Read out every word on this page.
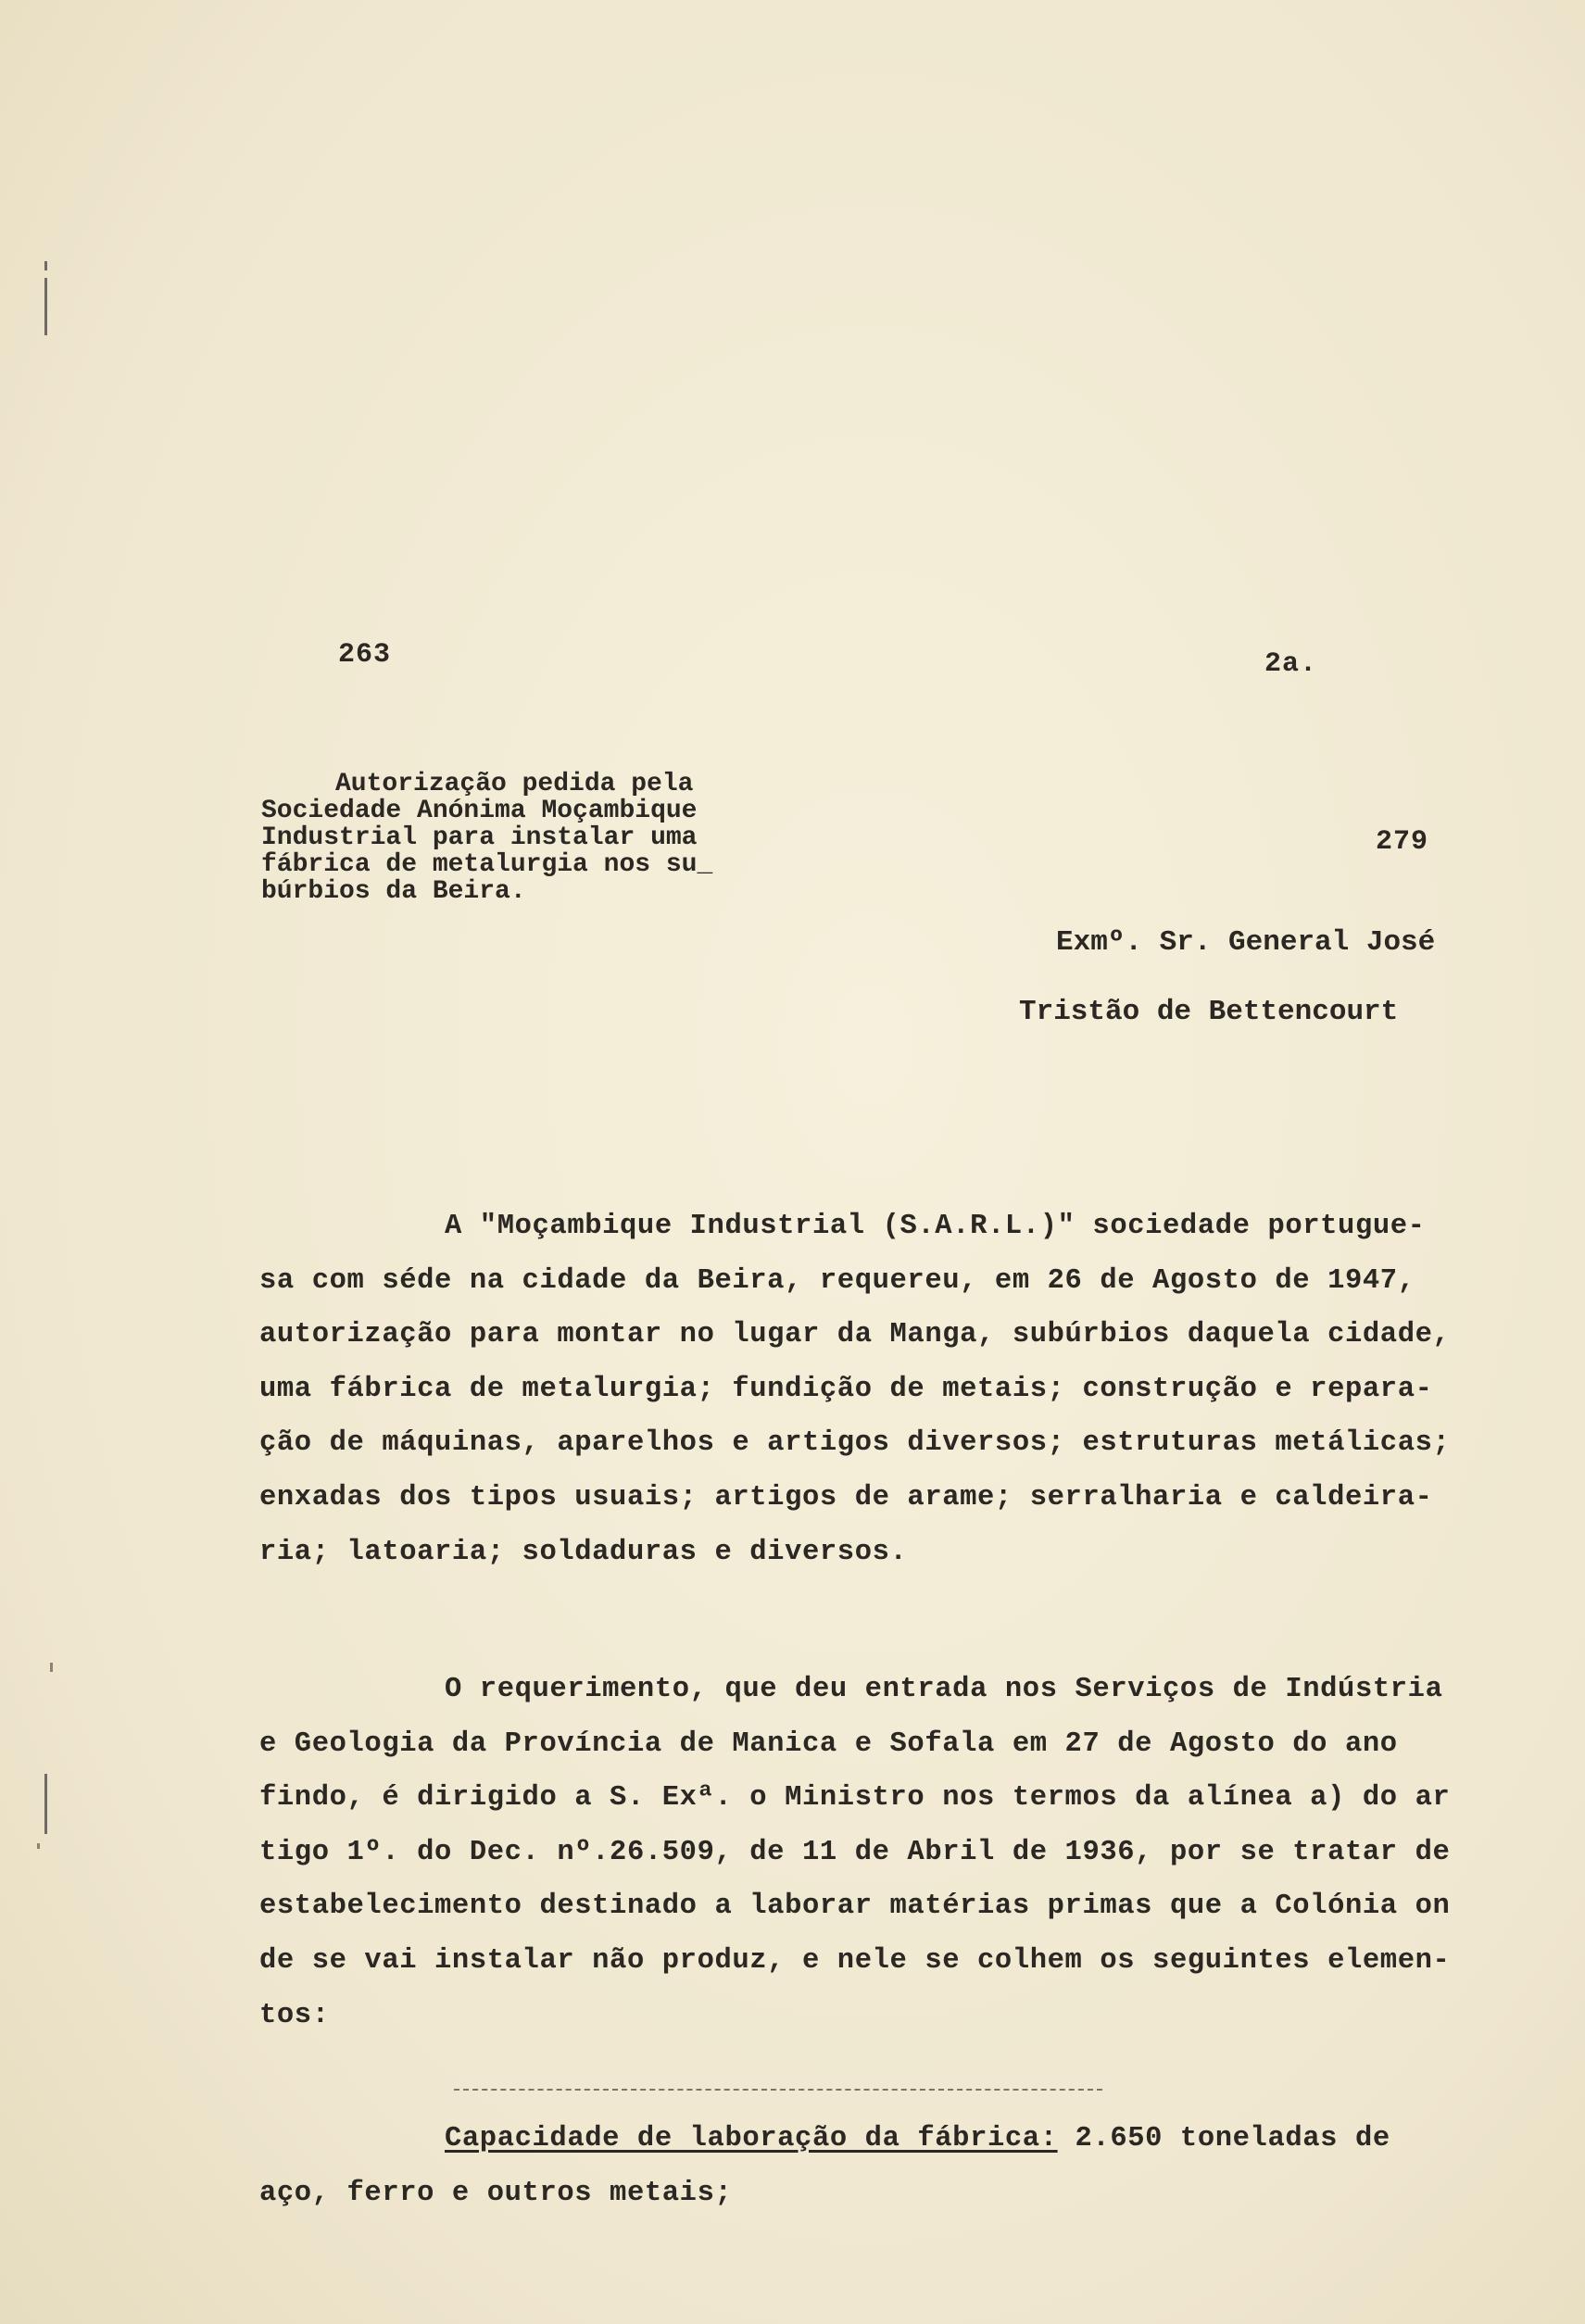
263	2a.
279
Autorização pedida pela
Sociedade Anónima Moçambique
Industrial para instalar uma
fábrica de metalurgia nos su_
búrbios da Beira.
Exmº. Sr. General José
Tristão de Bettencourt
A "Moçambique Industrial (S.A.R.L.)" sociedade portugue-
sa com séde na cidade da Beira, requereu, em 26 de Agosto de 1947,
autorização para montar no lugar da Manga, subúrbios daquela cidade,
uma fábrica de metalurgia; fundição de metais; construção e repara-
ção de máquinas, aparelhos e artigos diversos; estruturas metálicas;
enxadas dos tipos usuais; artigos de arame; serralharia e caldeira-
ria; latoaria; soldaduras e diversos.
O requerimento, que deu entrada nos Serviços de Indústria
e Geologia da Província de Manica e Sofala em 27 de Agosto do ano
findo, é dirigido a S. Exª. o Ministro nos termos da alínea a) do ar
tigo 1º. do Dec. nº.26.509, de 11 de Abril de 1936, por se tratar de
estabelecimento destinado a laborar matérias primas que a Colónia on
de se vai instalar não produz, e nele se colhem os seguintes elemen-
tos:
Capacidade de laboração da fábrica: 2.650 toneladas de
aço, ferro e outros metais;
